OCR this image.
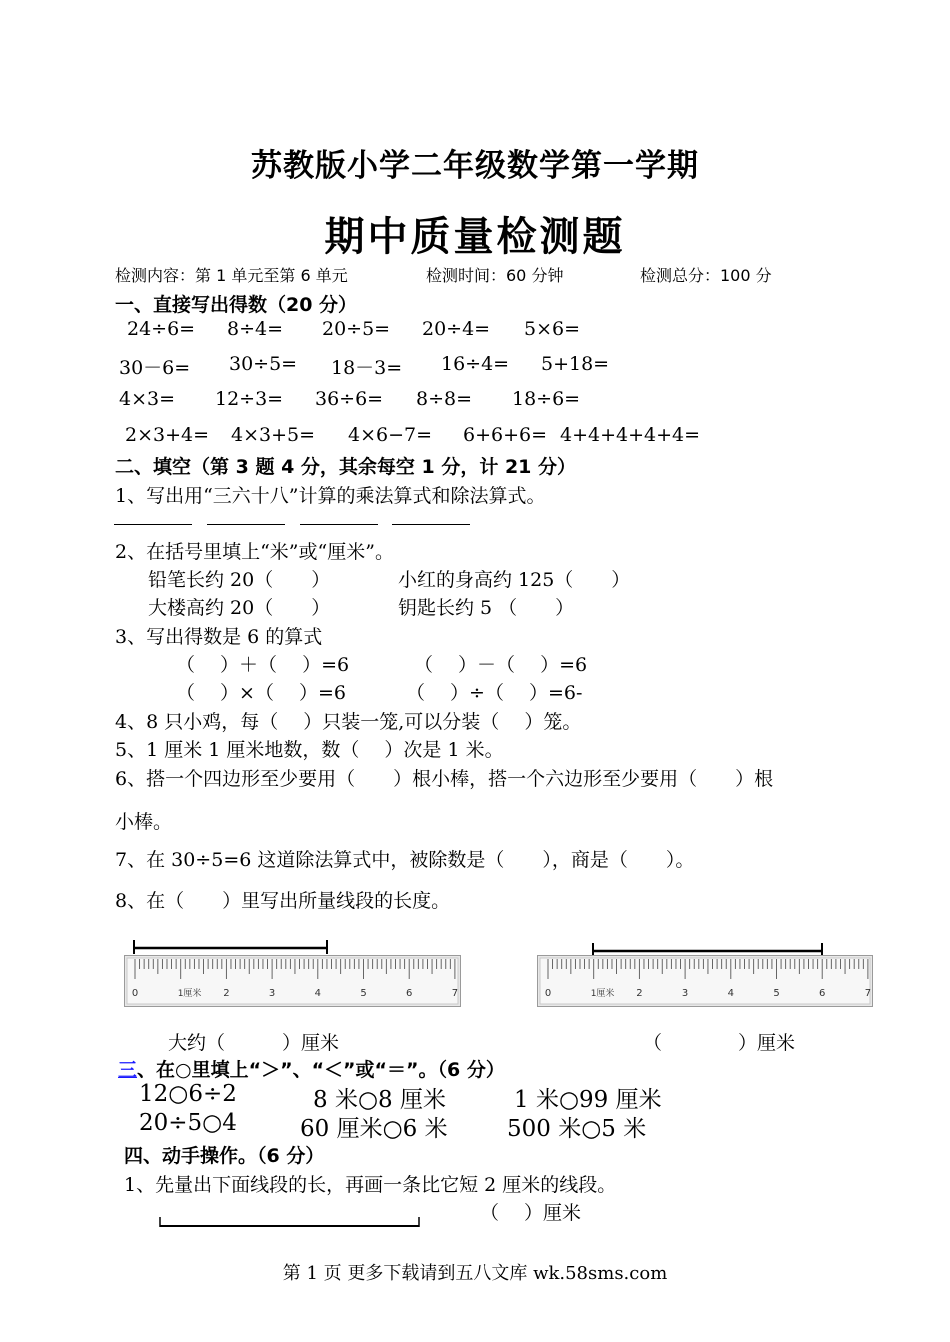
苏教版小学二年级数学第一学期
期中质量检测题
检测内容：第 1 单元至第 6 单元	检测时间：60 分钟	检测总分：100 分
一、直接写出得数（20 分）
24÷6= 8÷4= 20÷5= 20÷4= 5×6=
30－6= 30÷5= 18－3= 16÷4= 5+18=
4×3= 12÷3= 36÷6= 8÷8= 18÷6=
2×3+4= 4×3+5= 4×6−7= 6+6+6= 4+4+4+4+4=
二、填空（第 3 题 4 分，其余每空 1 分，计 21 分）
1、写出用“三六十八”计算的乘法算式和除法算式。
2、在括号里填上“米”或“厘米”。
铅笔长约 20（　　）	小红的身高约 125（　　）
大楼高约 20（　　）	钥匙长约 5 （　　）
3、写出得数是 6 的算式
（　 ）＋（　 ）=6	（　 ）－（　 ）=6
（　 ）×（　 ）=6	（　 ）÷（　 ）=6-
4、8 只小鸡，每（　 ）只装一笼,可以分装（　 ）笼。
5、1 厘米 1 厘米地数，数（　 ）次是 1 米。
6、搭一个四边形至少要用（　　）根小棒，搭一个六边形至少要用（　　）根
小棒。
7、在 30÷5=6 这道除法算式中，被除数是（　　），商是（　　）。
8、在（　　）里写出所量线段的长度。
0	1厘米 2	3	4	5	6	7	0	1厘米 2	3	4	5	6	7
大约（　　　）厘米	（　　　　）厘米
三、在○里填上“＞”、“＜”或“＝”。（6 分）
12○6÷2	8 米○8 厘米	1 米○99 厘米
20÷5○4	60 厘米○6 米	500 米○5 米
四、动手操作。（6 分）
1、先量出下面线段的长，再画一条比它短 2 厘米的线段。
（　 ）厘米
第 1 页 更多下载请到五八文库 wk.58sms.com
